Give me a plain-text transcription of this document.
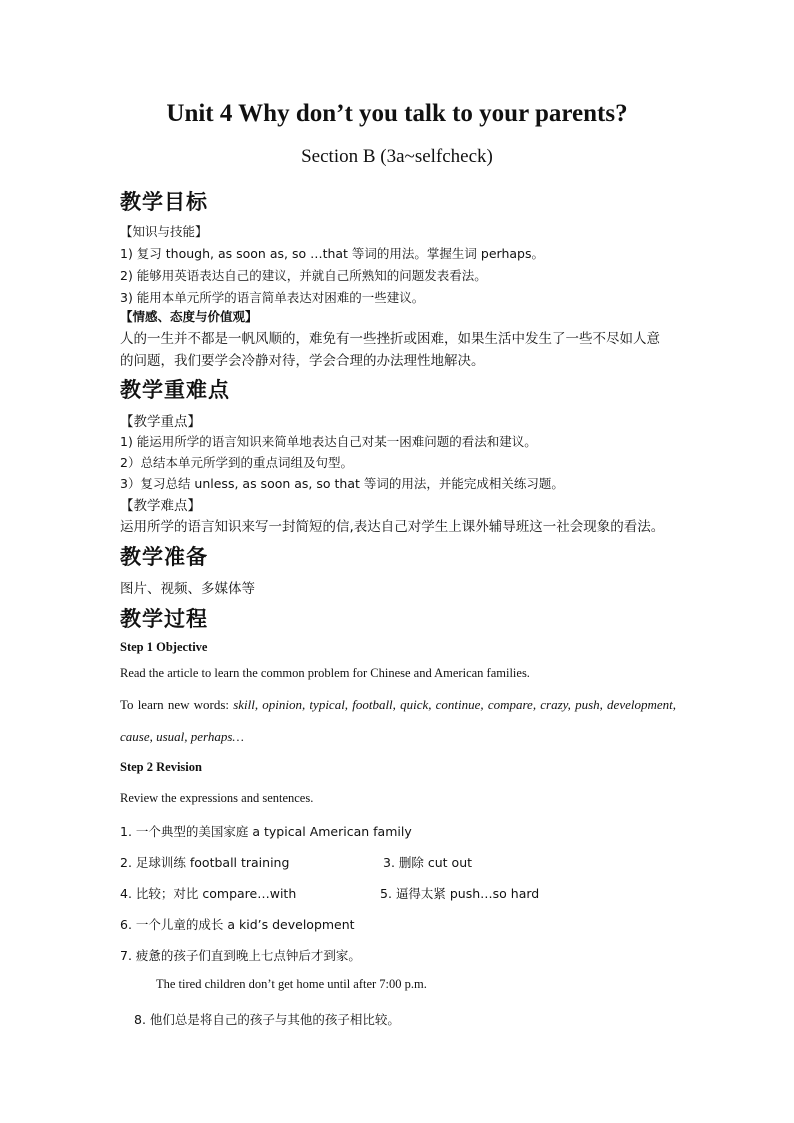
Unit 4 Why don’t you talk to your parents?
Section B (3a~selfcheck)
教学目标
【知识与技能】
1) 复习 though, as soon as, so …that 等词的用法。掌握生词 perhaps。
2) 能够用英语表达自己的建议，并就自己所熟知的问题发表看法。
3) 能用本单元所学的语言简单表达对困难的一些建议。
【情感、态度与价值观】
人的一生并不都是一帆风顺的，难免有一些挫折或困难，如果生活中发生了一些不尽如人意
的问题，我们要学会冷静对待，学会合理的办法理性地解决。
教学重难点
【教学重点】
1) 能运用所学的语言知识来简单地表达自己对某一困难问题的看法和建议。
2）总结本单元所学到的重点词组及句型。
3）复习总结 unless, as soon as, so that 等词的用法，并能完成相关练习题。
【教学难点】
运用所学的语言知识来写一封简短的信,表达自己对学生上课外辅导班这一社会现象的看法。
教学准备
图片、视频、多媒体等
教学过程
Step 1 Objective
Read the article to learn the common problem for Chinese and American families.
To learn new words: skill, opinion, typical, football, quick, continue, compare, crazy, push, development, cause, usual, perhaps…
Step 2 Revision
Review the expressions and sentences.
1. 一个典型的美国家庭 a typical American family
2. 足球训练 football training	3. 删除 cut out
4. 比较；对比 compare…with	5. 逼得太紧 push…so hard
6. 一个儿童的成长 a kid’s development
7. 疲惫的孩子们直到晚上七点钟后才到家。
The tired children don’t get home until after 7:00 p.m.
8. 他们总是将自己的孩子与其他的孩子相比较。
